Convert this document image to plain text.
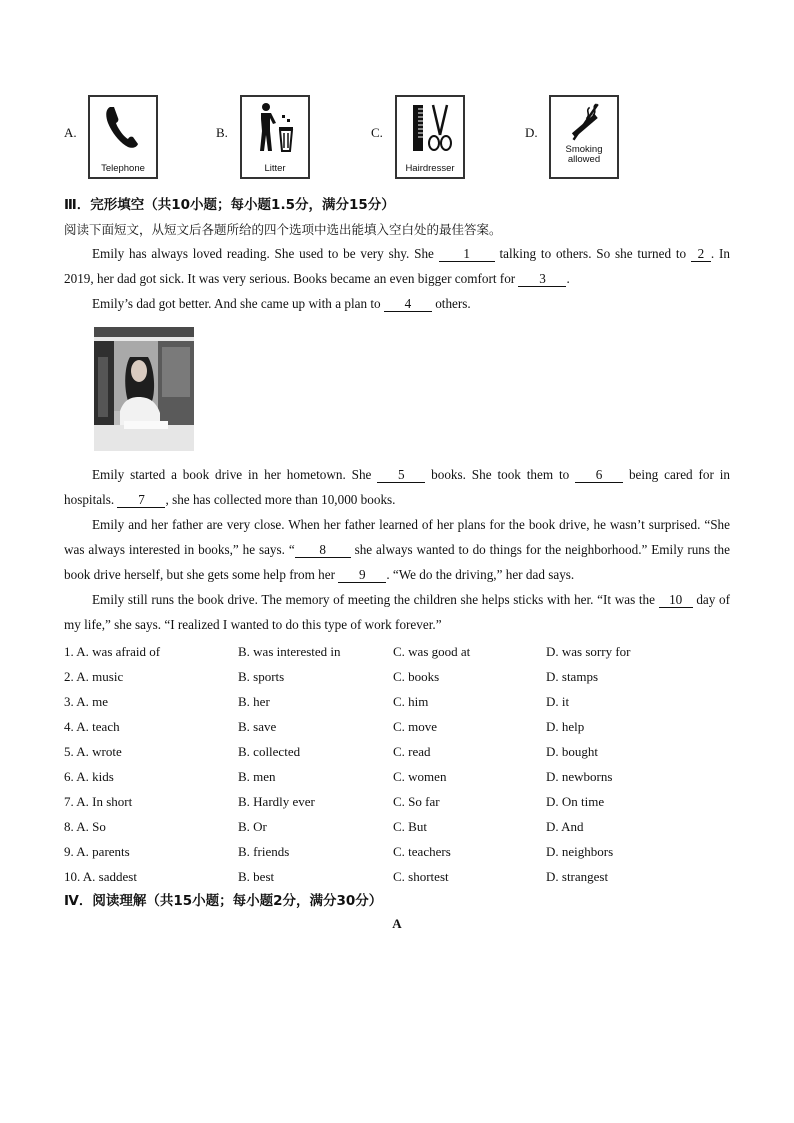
A.
Telephone
B.
Litter
C.
Hairdresser
D.
Smoking
allowed
Ⅲ．完形填空（共10小题；每小题1.5分，满分15分）
阅读下面短文，从短文后各题所给的四个选项中选出能填入空白处的最佳答案。
Emily has always loved reading. She used to be very shy. She 1 talking to others. So she turned to 2 . In 2019, her dad got sick. It was very serious. Books became an even bigger comfort for 3 .
Emily’s dad got better. And she came up with a plan to 4 others.
Emily started a book drive in her hometown. She 5 books. She took them to 6 being cared for in hospitals. 7 , she has collected more than 10,000 books.
Emily and her father are very close. When her father learned of her plans for the book drive, he wasn’t surprised. “She was always interested in books,” he says. “ 8 she always wanted to do things for the neighborhood.” Emily runs the book drive herself, but she gets some help from her 9 . “We do the driving,” her dad says.
Emily still runs the book drive. The memory of meeting the children she helps sticks with her. “It was the 10 day of my life,” she says. “I realized I wanted to do this type of work forever.”
1. A. was afraid of	B. was interested in	C. was good at	D. was sorry for
2. A. music	B. sports	C. books	D. stamps
3. A. me	B. her	C. him	D. it
4. A. teach	B. save	C. move	D. help
5. A. wrote	B. collected	C. read	D. bought
6. A. kids	B. men	C. women	D. newborns
7. A. In short	B. Hardly ever	C. So far	D. On time
8. A. So	B. Or	C. But	D. And
9. A. parents	B. friends	C. teachers	D. neighbors
10. A. saddest	B. best	C. shortest	D. strangest
Ⅳ．阅读理解（共15小题；每小题2分，满分30分）
A
